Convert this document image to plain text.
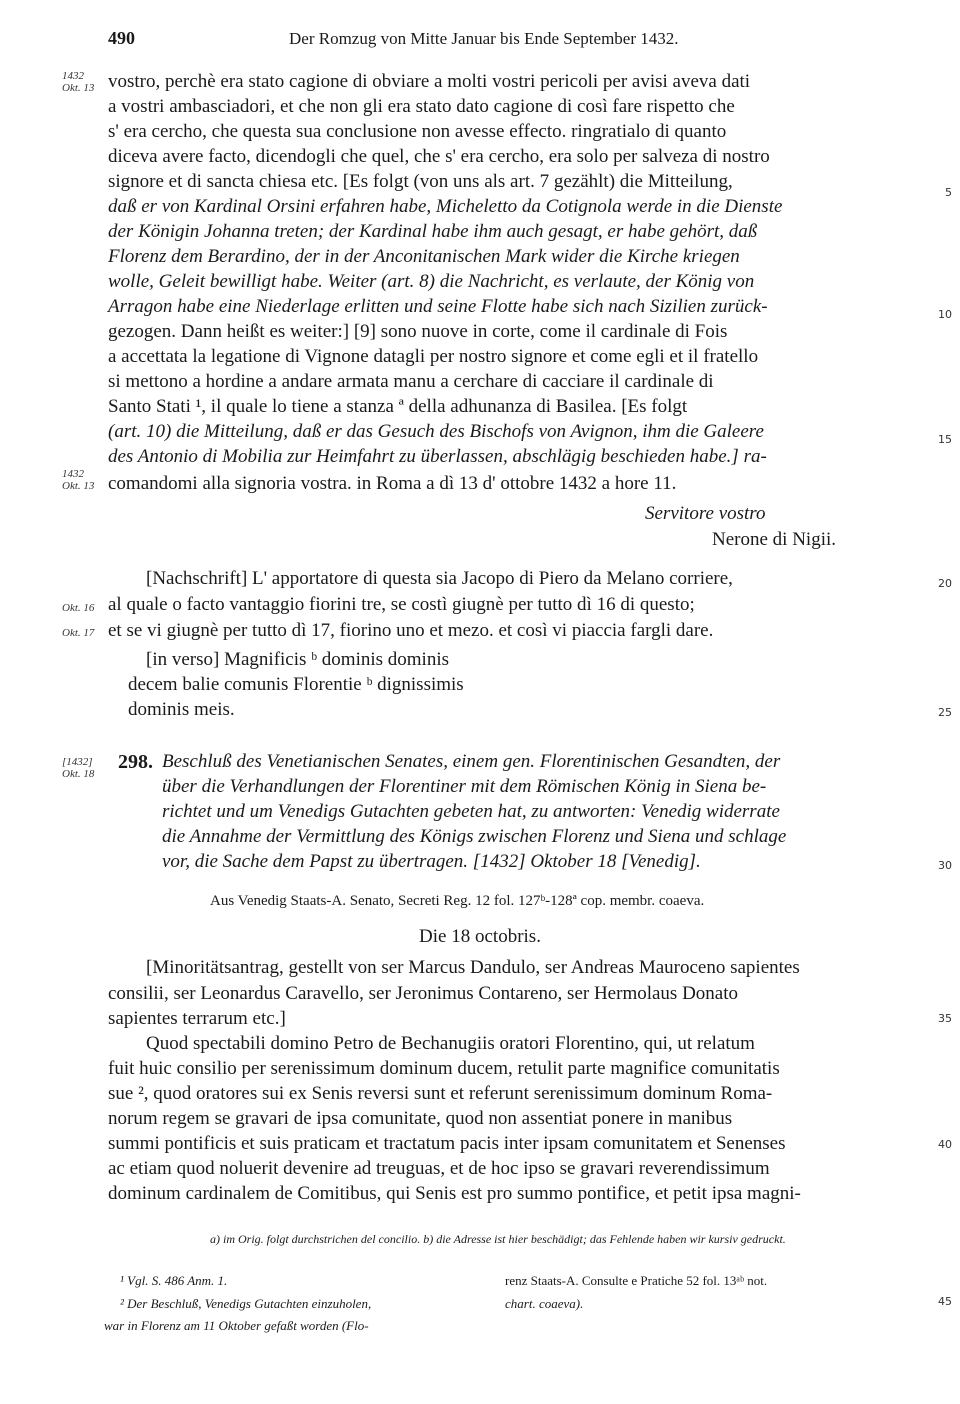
490	Der Romzug von Mitte Januar bis Ende September 1432.
1432
Okt. 13
1432
Okt. 13
Okt. 16
Okt. 17
[1432]
Okt. 18
vostro, perchè era stato cagione di obviare a molti vostri pericoli per avisi aveva dati
a vostri ambasciadori, et che non gli era stato dato cagione di così fare rispetto che
s' era cercho, che questa sua conclusione non avesse effecto. ringratialo di quanto
diceva avere facto, dicendogli che quel, che s' era cercho, era solo per salveza di nostro
signore et di sancta chiesa etc. [Es folgt (von uns als art. 7 gezählt) die Mitteilung,
daß er von Kardinal Orsini erfahren habe, Micheletto da Cotignola werde in die Dienste
der Königin Johanna treten; der Kardinal habe ihm auch gesagt, er habe gehört, daß
Florenz dem Berardino, der in der Anconitanischen Mark wider die Kirche kriegen
wolle, Geleit bewilligt habe. Weiter (art. 8) die Nachricht, es verlaute, der König von
Arragon habe eine Niederlage erlitten und seine Flotte habe sich nach Sizilien zurück-
gezogen. Dann heißt es weiter:] [9] sono nuove in corte, come il cardinale di Fois
a accettata la legatione di Vignone datagli per nostro signore et come egli et il fratello
si mettono a hordine a andare armata manu a cerchare di cacciare il cardinale di
Santo Stati ¹, il quale lo tiene a stanza ª della adhunanza di Basilea. [Es folgt
(art. 10) die Mitteilung, daß er das Gesuch des Bischofs von Avignon, ihm die Galeere
des Antonio di Mobilia zur Heimfahrt zu überlassen, abschlägig beschieden habe.] ra-
comandomi alla signoria vostra. in Roma a dì 13 d' ottobre 1432 a hore 11.
Servitore vostro
Nerone di Nigii.
[Nachschrift] L' apportatore di questa sia Jacopo di Piero da Melano corriere,
al quale o facto vantaggio fiorini tre, se costì giugnè per tutto dì 16 di questo;
et se vi giugnè per tutto dì 17, fiorino uno et mezo. et così vi piaccia fargli dare.
[in verso] Magnificis ᵇ dominis dominis
decem balie comunis Florentie ᵇ dignissimis
dominis meis.
298. Beschluß des Venetianischen Senates, einem gen. Florentinischen Gesandten, der
über die Verhandlungen der Florentiner mit dem Römischen König in Siena be-
richtet und um Venedigs Gutachten gebeten hat, zu antworten: Venedig widerrate
die Annahme der Vermittlung des Königs zwischen Florenz und Siena und schlage
vor, die Sache dem Papst zu übertragen. [1432] Oktober 18 [Venedig].
Aus Venedig Staats-A. Senato, Secreti Reg. 12 fol. 127ᵇ-128ª cop. membr. coaeva.
Die 18 octobris.
[Minoritätsantrag, gestellt von ser Marcus Dandulo, ser Andreas Mauroceno sapientes
consilii, ser Leonardus Caravello, ser Jeronimus Contareno, ser Hermolaus Donato
sapientes terrarum etc.]
Quod spectabili domino Petro de Bechanugiis oratori Florentino, qui, ut relatum
fuit huic consilio per serenissimum dominum ducem, retulit parte magnifice comunitatis
sue ², quod oratores sui ex Senis reversi sunt et referunt serenissimum dominum Roma-
norum regem se gravari de ipsa comunitate, quod non assentiat ponere in manibus
summi pontificis et suis praticam et tractatum pacis inter ipsam comunitatem et Senenses
ac etiam quod noluerit devenire ad treuguas, et de hoc ipso se gravari reverendissimum
dominum cardinalem de Comitibus, qui Senis est pro summo pontifice, et petit ipsa magni-
5
10
15
20
25
30
35
40
45
a) im Orig. folgt durchstrichen del concilio. b) die Adresse ist hier beschädigt; das Fehlende haben wir kursiv gedruckt.
¹ Vgl. S. 486 Anm. 1.
² Der Beschluß, Venedigs Gutachten einzuholen,
war in Florenz am 11 Oktober gefaßt worden (Flo-
renz Staats-A. Consulte e Pratiche 52 fol. 13ᵃᵇ not.
chart. coaeva).
